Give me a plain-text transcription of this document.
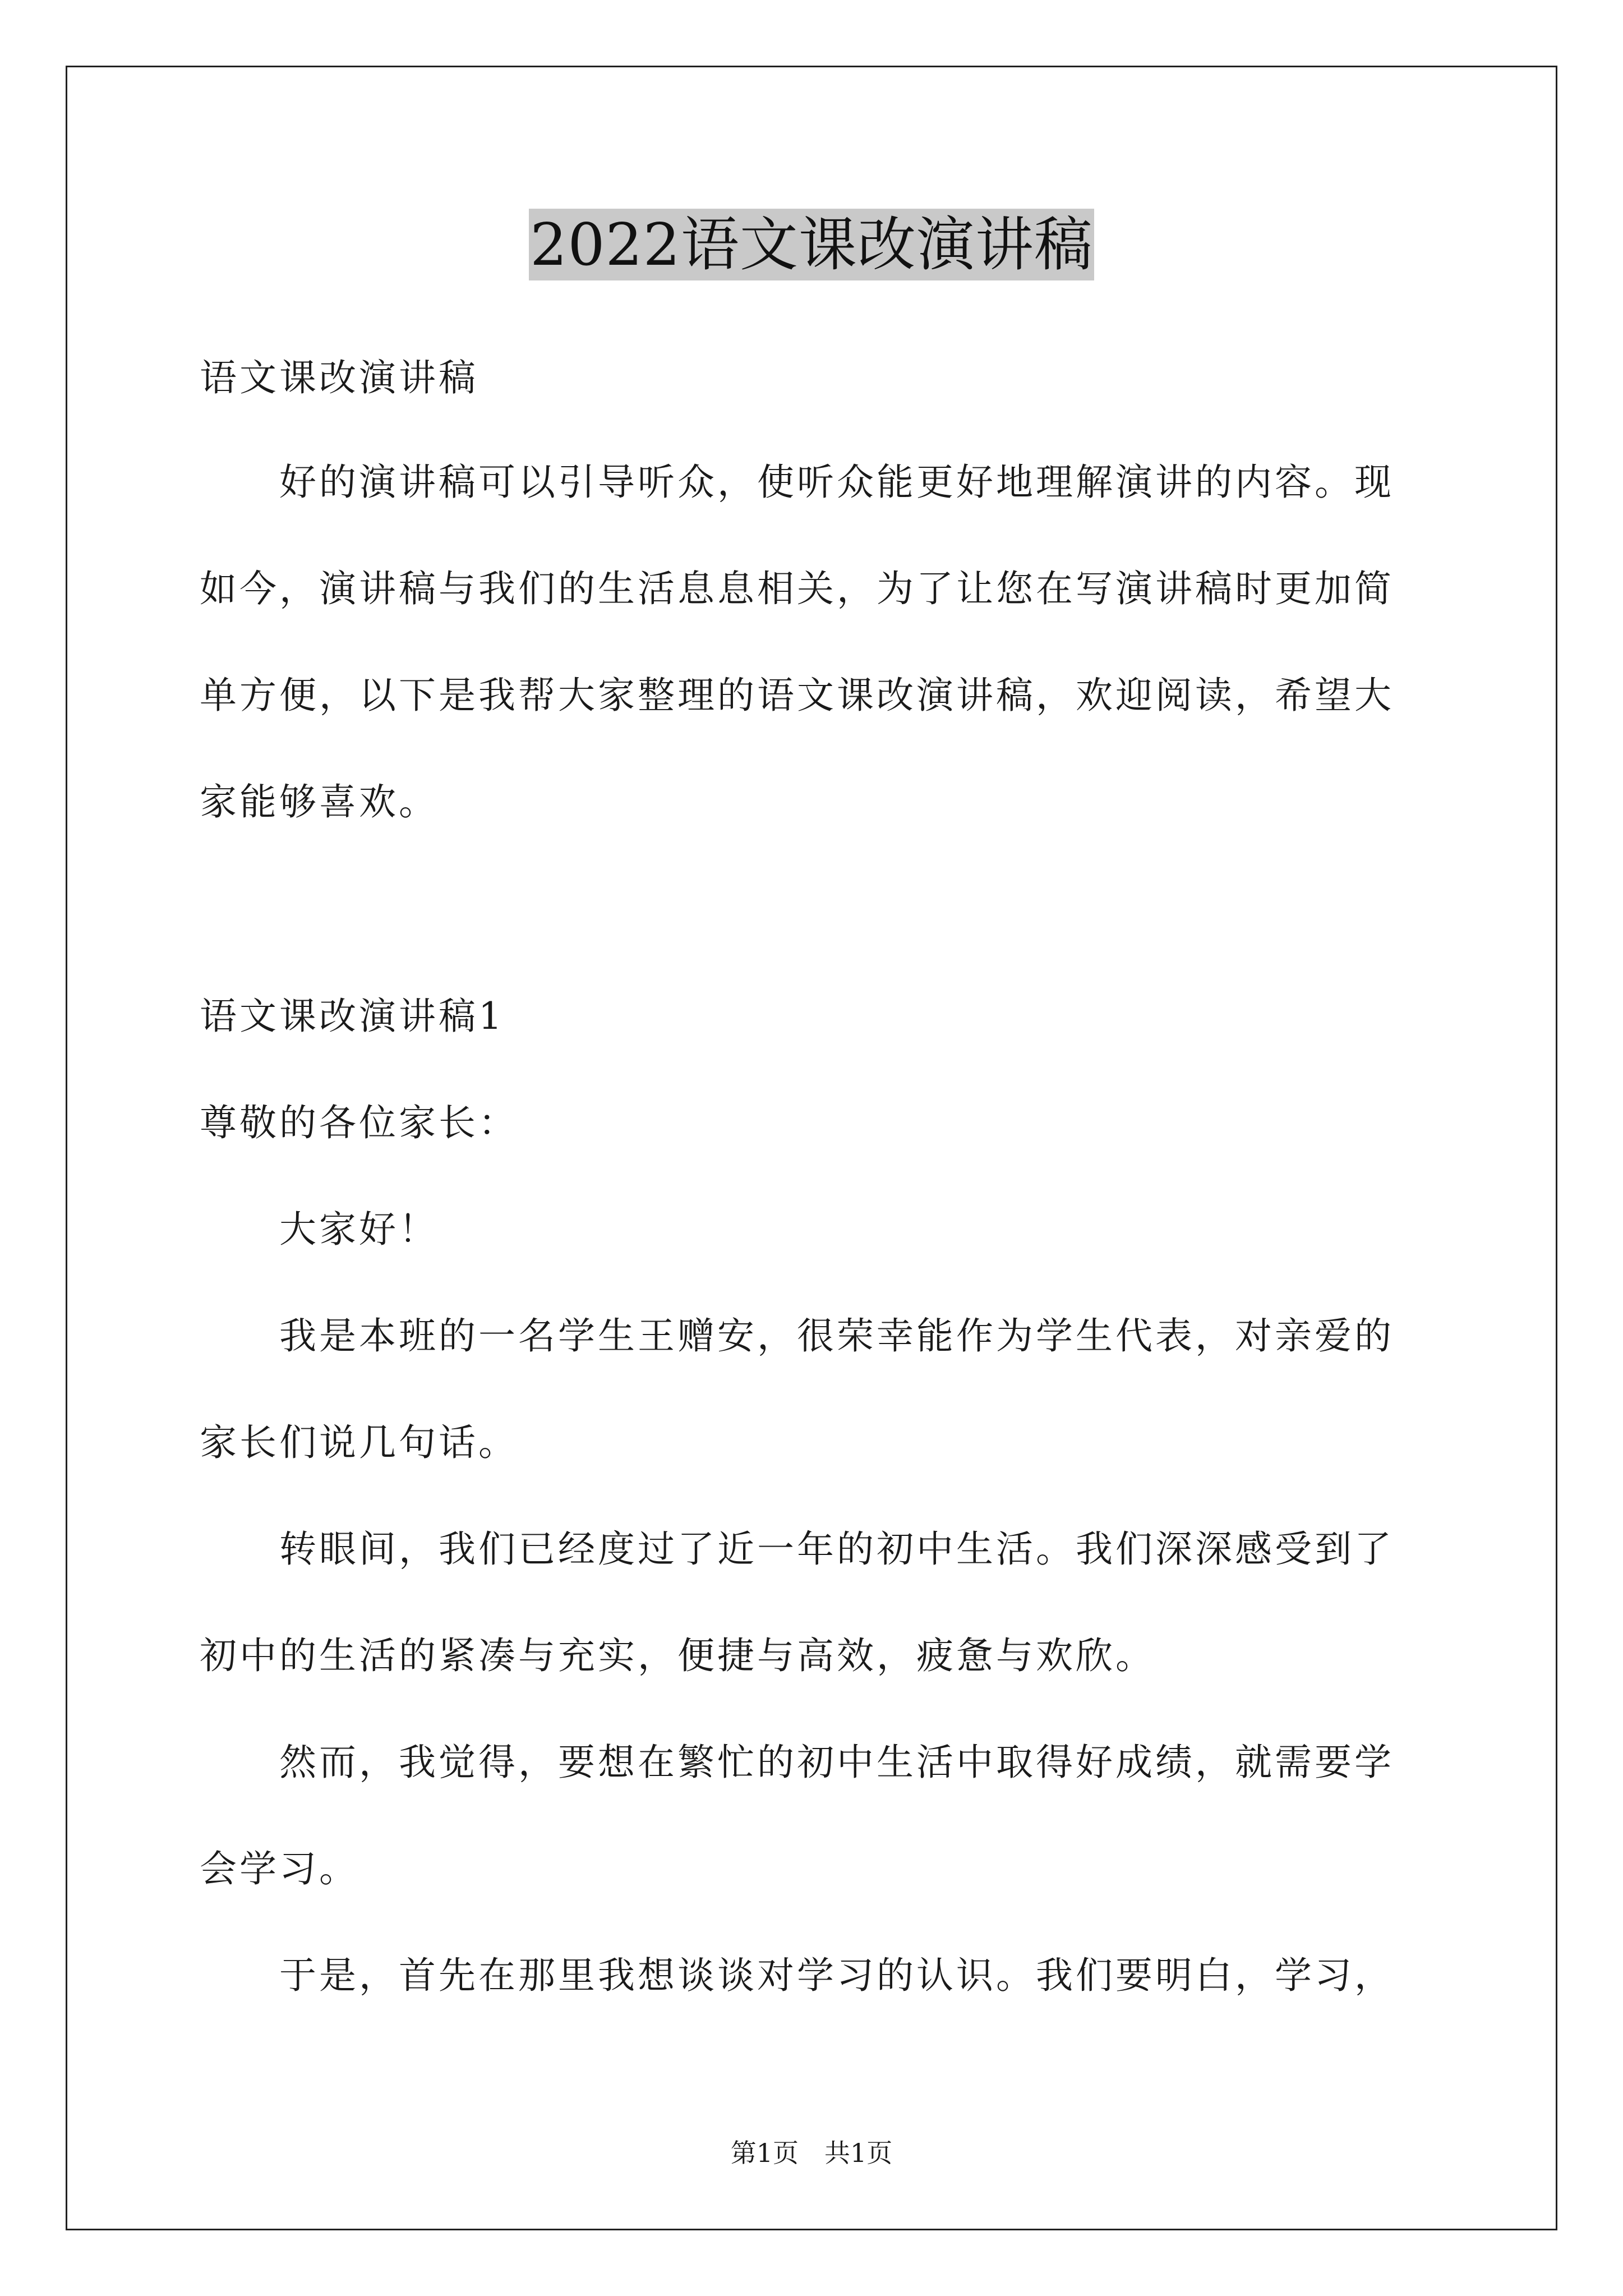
2022语文课改演讲稿
语文课改演讲稿
　　好的演讲稿可以引导听众，使听众能更好地理解演讲的内容。现
如今，演讲稿与我们的生活息息相关，为了让您在写演讲稿时更加简
单方便，以下是我帮大家整理的语文课改演讲稿，欢迎阅读，希望大
家能够喜欢。
语文课改演讲稿1
尊敬的各位家长：
　　大家好！
　　我是本班的一名学生王赠安，很荣幸能作为学生代表，对亲爱的
家长们说几句话。
　　转眼间，我们已经度过了近一年的初中生活。我们深深感受到了
初中的生活的紧凑与充实，便捷与高效，疲惫与欢欣。
　　然而，我觉得，要想在繁忙的初中生活中取得好成绩，就需要学
会学习。
　　于是，首先在那里我想谈谈对学习的认识。我们要明白，学习，
第1页　共1页
